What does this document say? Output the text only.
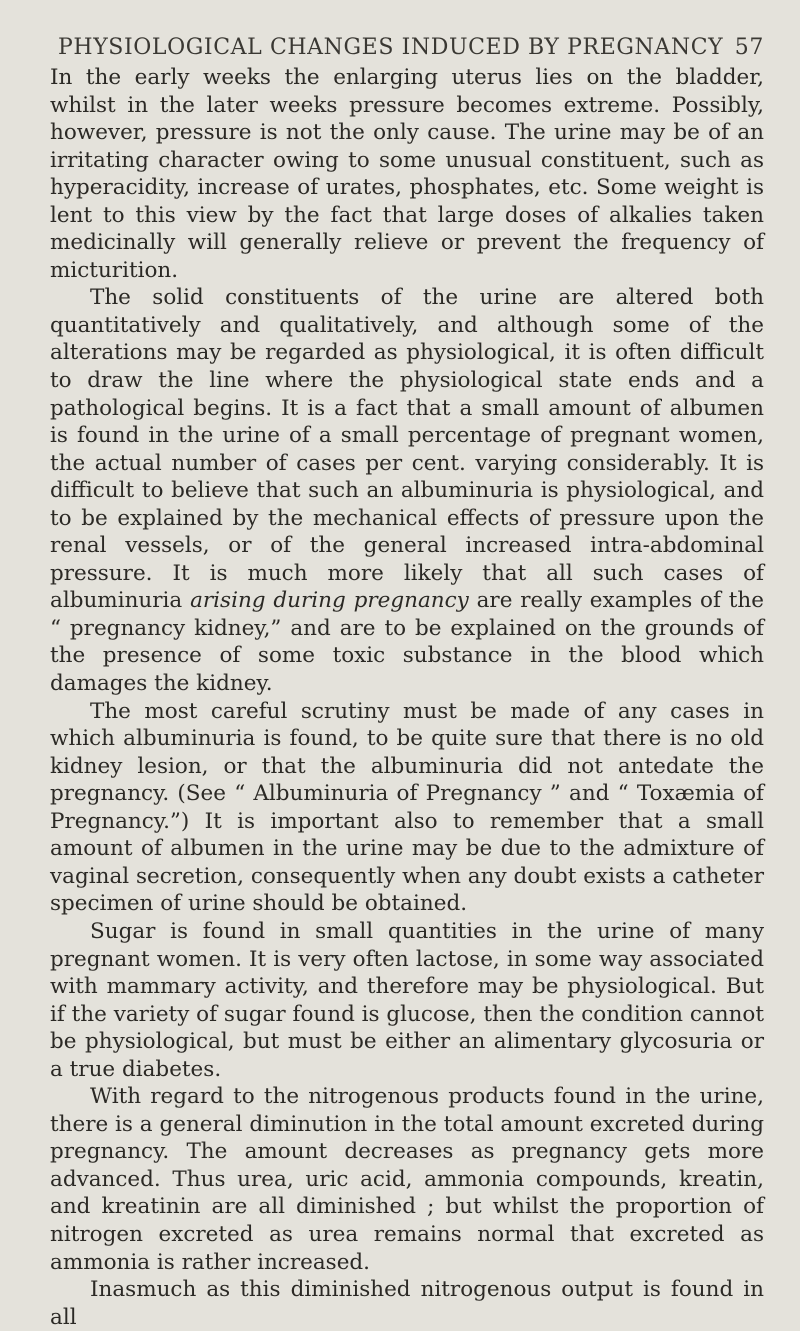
PHYSIOLOGICAL CHANGES INDUCED BY PREGNANCY 57

In the early weeks the enlarging uterus lies on the bladder, whilst in the later weeks pressure becomes extreme. Possibly, however, pressure is not the only cause. The urine may be of an irritating character owing to some unusual constituent, such as hyperacidity, increase of urates, phosphates, etc. Some weight is lent to this view by the fact that large doses of alkalies taken medicinally will generally relieve or prevent the frequency of micturition.

The solid constituents of the urine are altered both quantitatively and qualitatively, and although some of the alterations may be regarded as physiological, it is often difficult to draw the line where the physiological state ends and a pathological begins. It is a fact that a small amount of albumen is found in the urine of a small percentage of pregnant women, the actual number of cases per cent. varying considerably. It is difficult to believe that such an albuminuria is physiological, and to be explained by the mechanical effects of pressure upon the renal vessels, or of the general increased intra-abdominal pressure. It is much more likely that all such cases of albuminuria arising during pregnancy are really examples of the “ pregnancy kidney,” and are to be explained on the grounds of the presence of some toxic substance in the blood which damages the kidney.

The most careful scrutiny must be made of any cases in which albuminuria is found, to be quite sure that there is no old kidney lesion, or that the albuminuria did not antedate the pregnancy. (See “ Albuminuria of Pregnancy ” and “ Toxæmia of Pregnancy.”) It is important also to remember that a small amount of albumen in the urine may be due to the admixture of vaginal secretion, consequently when any doubt exists a catheter specimen of urine should be obtained.

Sugar is found in small quantities in the urine of many pregnant women. It is very often lactose, in some way associated with mammary activity, and therefore may be physiological. But if the variety of sugar found is glucose, then the condition cannot be physiological, but must be either an alimentary glycosuria or a true diabetes.

With regard to the nitrogenous products found in the urine, there is a general diminution in the total amount excreted during pregnancy. The amount decreases as pregnancy gets more advanced. Thus urea, uric acid, ammonia compounds, kreatin, and kreatinin are all diminished ; but whilst the proportion of nitrogen excreted as urea remains normal that excreted as ammonia is rather increased.

Inasmuch as this diminished nitrogenous output is found in all
